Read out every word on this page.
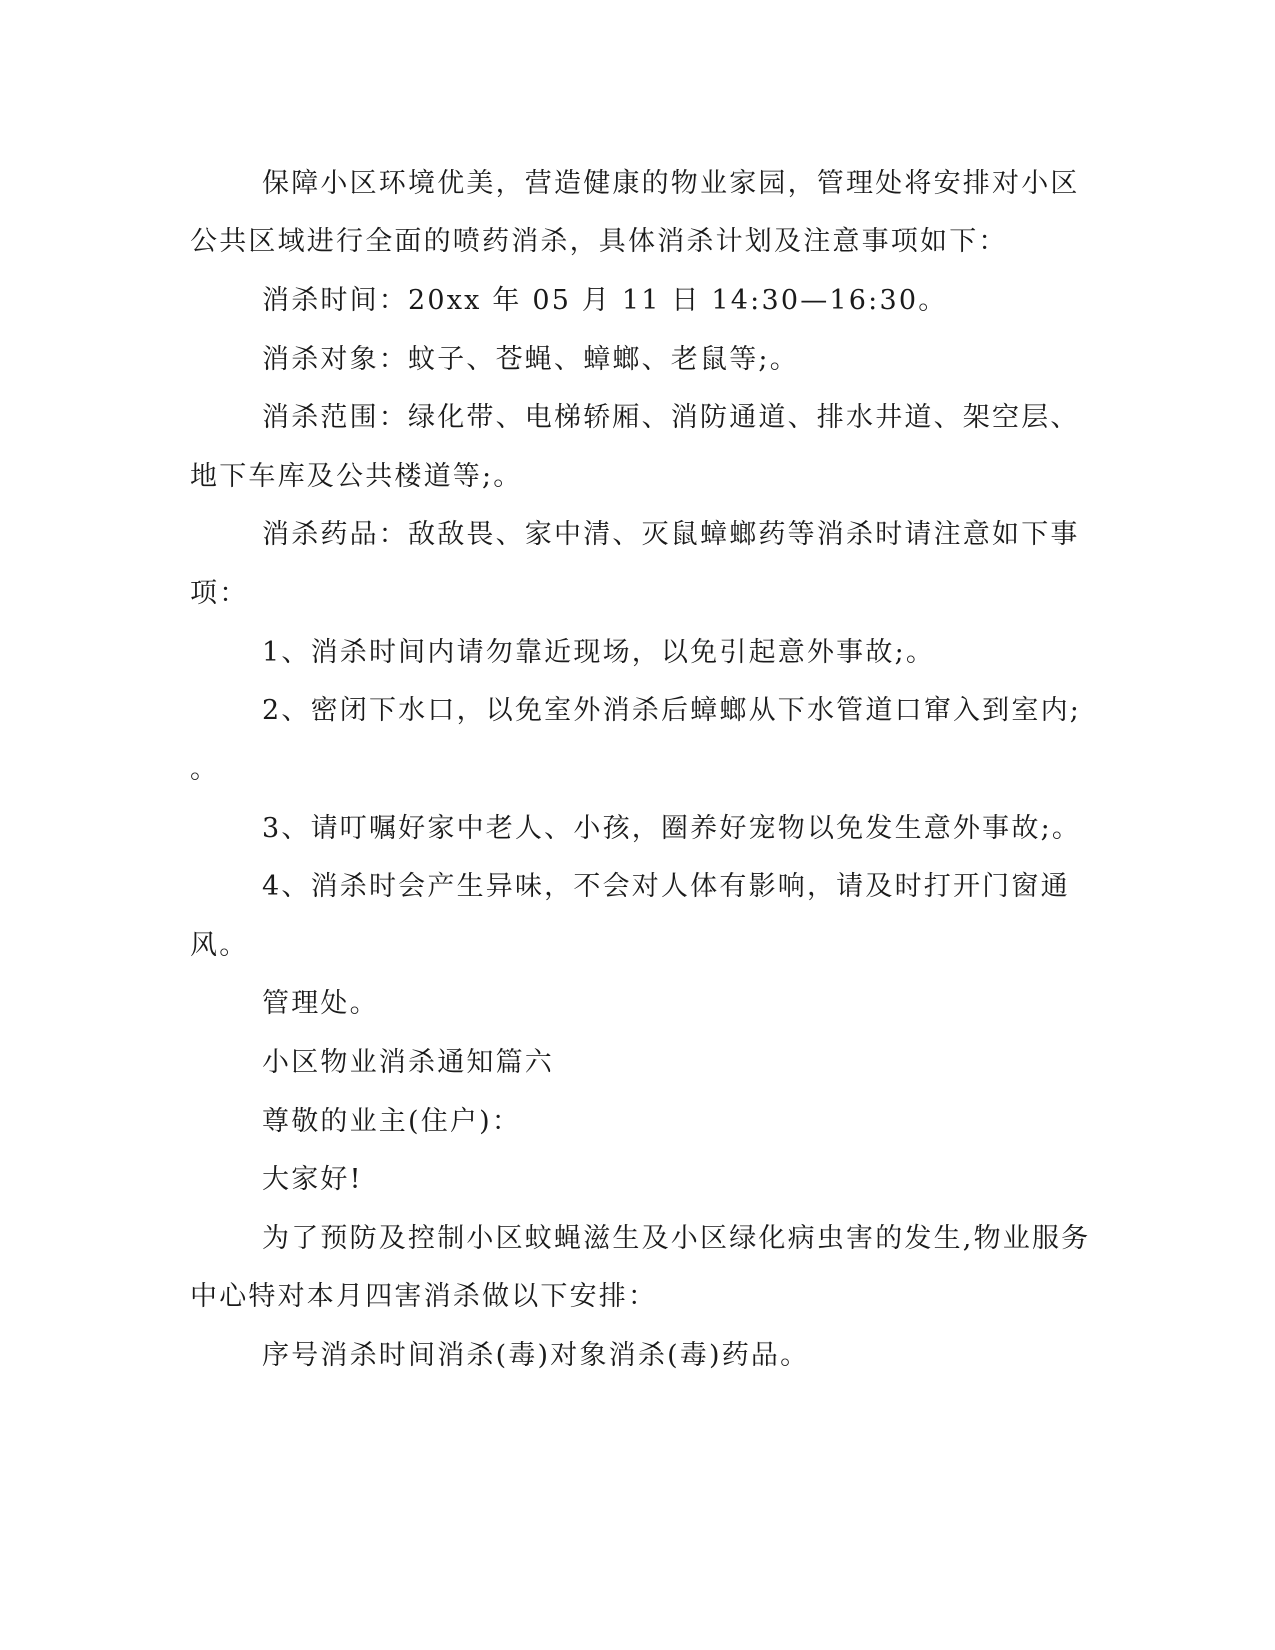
保障小区环境优美，营造健康的物业家园，管理处将安排对小区
公共区域进行全面的喷药消杀，具体消杀计划及注意事项如下：
消杀时间：20xx 年 05 月 11 日 14:30—16:30。
消杀对象：蚊子、苍蝇、蟑螂、老鼠等;。
消杀范围：绿化带、电梯轿厢、消防通道、排水井道、架空层、
地下车库及公共楼道等;。
消杀药品：敌敌畏、家中清、灭鼠蟑螂药等消杀时请注意如下事
项：
1、消杀时间内请勿靠近现场，以免引起意外事故;。
2、密闭下水口，以免室外消杀后蟑螂从下水管道口窜入到室内;
。
3、请叮嘱好家中老人、小孩，圈养好宠物以免发生意外事故;。
4、消杀时会产生异味，不会对人体有影响，请及时打开门窗通
风。
管理处。
小区物业消杀通知篇六
尊敬的业主(住户)：
大家好!
为了预防及控制小区蚊蝇滋生及小区绿化病虫害的发生,物业服务
中心特对本月四害消杀做以下安排：
序号消杀时间消杀(毒)对象消杀(毒)药品。
